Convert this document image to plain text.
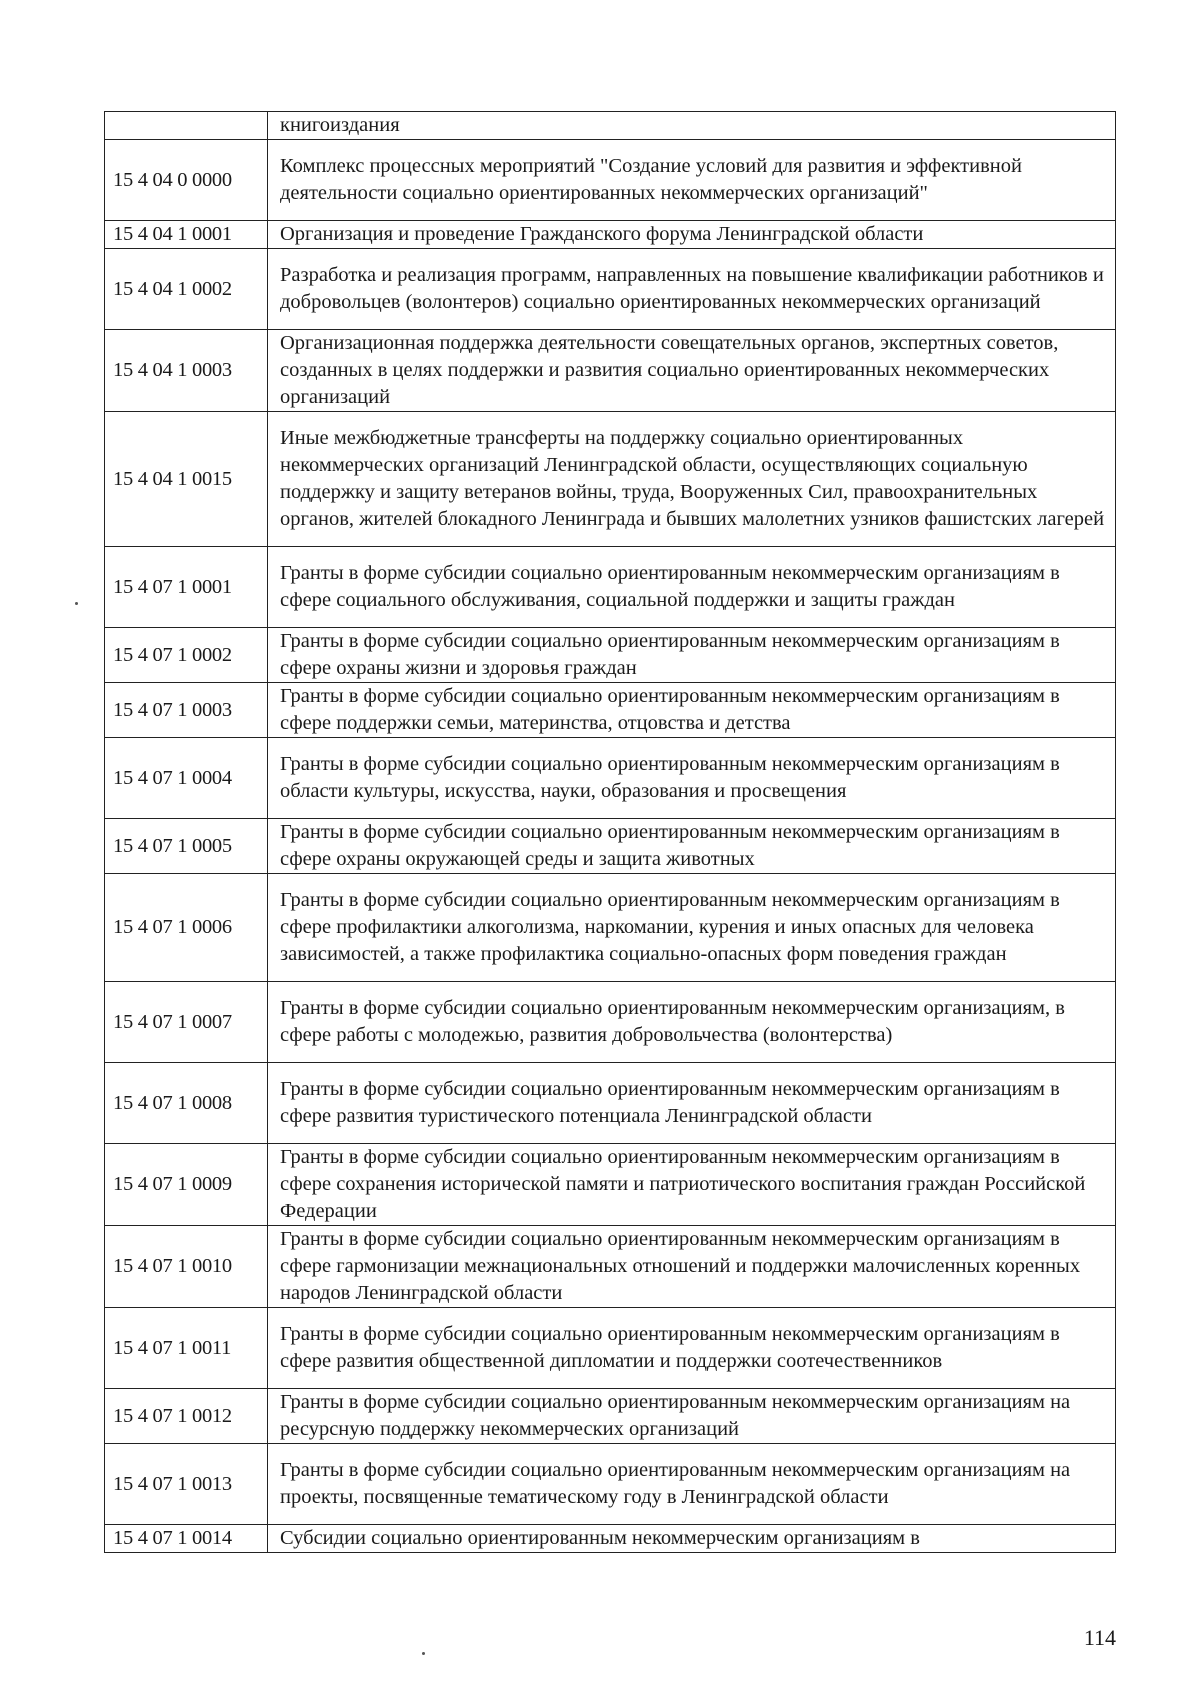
	книгоиздания
15 4 04 0 0000	Комплекс процессных мероприятий "Создание условий для развития и эффективной деятельности социально ориентированных некоммерческих организаций"
15 4 04 1 0001	Организация и проведение Гражданского форума Ленинградской области
15 4 04 1 0002	Разработка и реализация программ, направленных на повышение квалификации работников и добровольцев (волонтеров) социально ориентированных некоммерческих организаций
15 4 04 1 0003	Организационная поддержка деятельности совещательных органов, экспертных советов, созданных в целях поддержки и развития социально ориентированных некоммерческих организаций
15 4 04 1 0015	Иные межбюджетные трансферты на поддержку социально ориентированных некоммерческих организаций Ленинградской области, осуществляющих социальную поддержку и защиту ветеранов войны, труда, Вооруженных Сил, правоохранительных органов, жителей блокадного Ленинграда и бывших малолетних узников фашистских лагерей
15 4 07 1 0001	Гранты в форме субсидии социально ориентированным некоммерческим организациям в сфере социального обслуживания, социальной поддержки и защиты граждан
15 4 07 1 0002	Гранты в форме субсидии социально ориентированным некоммерческим организациям в сфере охраны жизни и здоровья граждан
15 4 07 1 0003	Гранты в форме субсидии социально ориентированным некоммерческим организациям в сфере поддержки семьи, материнства, отцовства и детства
15 4 07 1 0004	Гранты в форме субсидии социально ориентированным некоммерческим организациям в области культуры, искусства, науки, образования и просвещения
15 4 07 1 0005	Гранты в форме субсидии социально ориентированным некоммерческим организациям в сфере охраны окружающей среды и защита животных
15 4 07 1 0006	Гранты в форме субсидии социально ориентированным некоммерческим организациям в сфере профилактики алкоголизма, наркомании, курения и иных опасных для человека зависимостей, а также профилактика социально-опасных форм поведения граждан
15 4 07 1 0007	Гранты в форме субсидии социально ориентированным некоммерческим организациям, в сфере работы с молодежью, развития добровольчества (волонтерства)
15 4 07 1 0008	Гранты в форме субсидии социально ориентированным некоммерческим организациям в сфере развития туристического потенциала Ленинградской области
15 4 07 1 0009	Гранты в форме субсидии социально ориентированным некоммерческим организациям в сфере сохранения исторической памяти и патриотического воспитания граждан Российской Федерации
15 4 07 1 0010	Гранты в форме субсидии социально ориентированным некоммерческим организациям в сфере гармонизации межнациональных отношений и поддержки малочисленных коренных народов Ленинградской области
15 4 07 1 0011	Гранты в форме субсидии социально ориентированным некоммерческим организациям в сфере развития общественной дипломатии и поддержки соотечественников
15 4 07 1 0012	Гранты в форме субсидии социально ориентированным некоммерческим организациям на ресурсную поддержку некоммерческих организаций
15 4 07 1 0013	Гранты в форме субсидии социально ориентированным некоммерческим организациям на проекты, посвященные тематическому году в Ленинградской области
15 4 07 1 0014	Субсидии социально ориентированным некоммерческим организациям в
114
